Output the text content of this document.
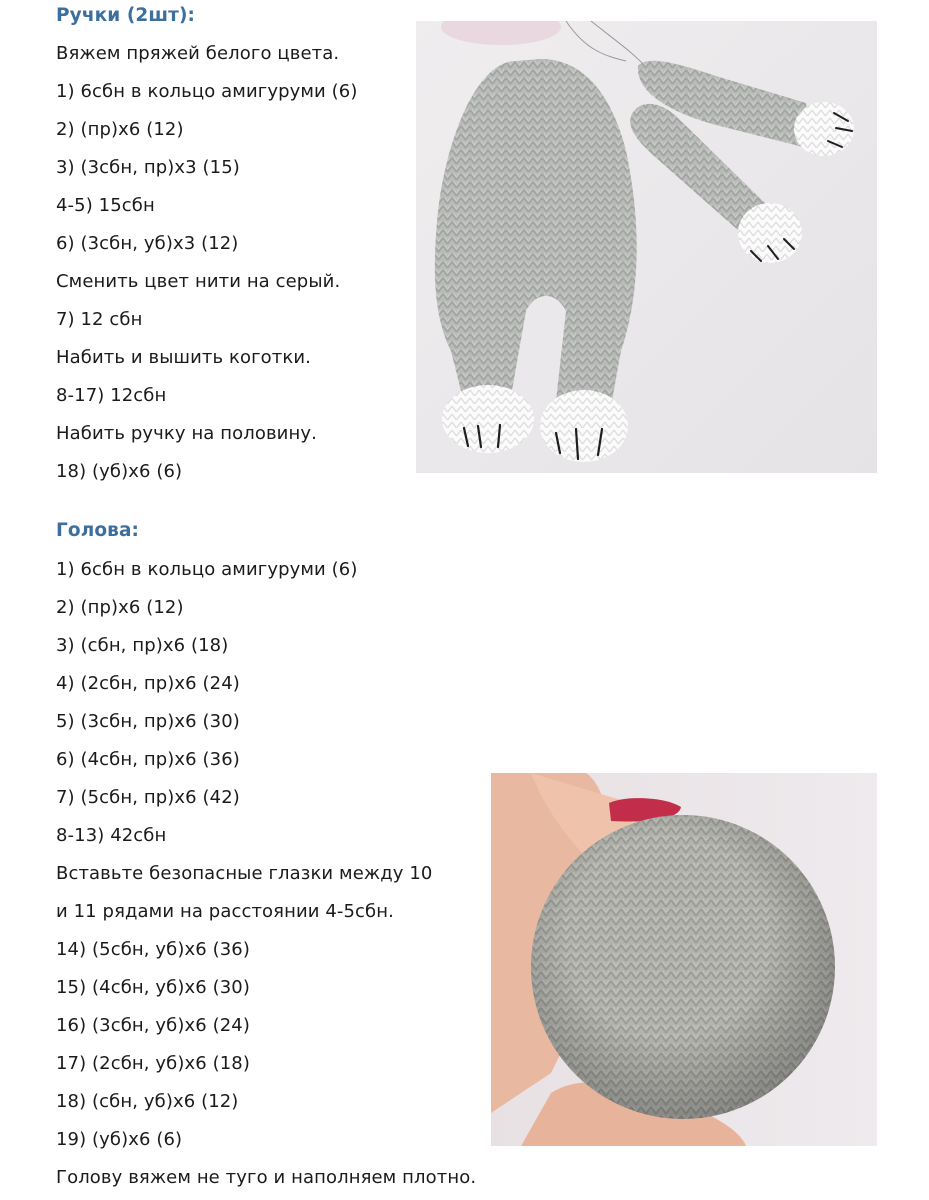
Ручки (2шт):
Вяжем пряжей белого цвета.
1) 6сбн в кольцо амигуруми (6)
2) (пр)х6 (12)
3) (3сбн, пр)х3 (15)
4-5) 15сбн
6) (3сбн, уб)х3 (12)
Сменить цвет нити на серый.
7) 12 сбн
Набить и вышить коготки.
8-17) 12сбн
Набить ручку на половину.
18) (уб)х6 (6)
Голова:
1) 6сбн в кольцо амигуруми (6)
2) (пр)х6 (12)
3) (сбн, пр)х6 (18)
4) (2сбн, пр)х6 (24)
5) (3сбн, пр)х6 (30)
6) (4сбн, пр)х6 (36)
7) (5сбн, пр)х6 (42)
8-13) 42сбн
Вставьте безопасные глазки между 10
и 11 рядами на расстоянии 4-5сбн.
14) (5сбн, уб)х6 (36)
15) (4сбн, уб)х6 (30)
16) (3сбн, уб)х6 (24)
17) (2сбн, уб)х6 (18)
18) (сбн, уб)х6 (12)
19) (уб)х6 (6)
Голову вяжем не туго и наполняем плотно.
